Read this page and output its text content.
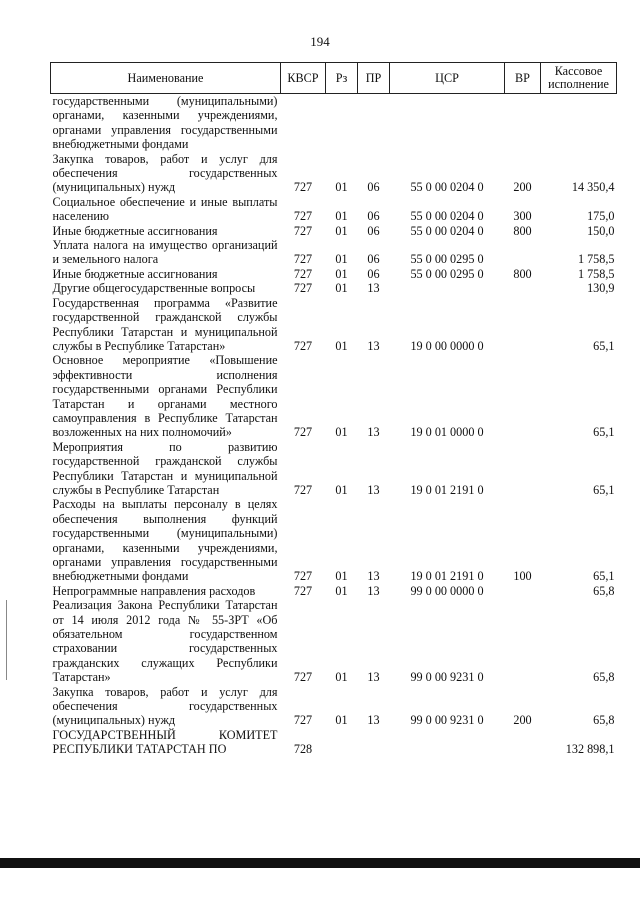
194
Наименование	КВСР	Рз	ПР	ЦСР	ВР	Кассовое исполнение
государственными (муниципальными) органами, казенными учреждениями, органами управления государственными внебюджетными фондами						
Закупка товаров, работ и услуг для обеспечения государственных (муниципальных) нужд	727	01	06	55 0 00 0204 0	200	14 350,4
Социальное обеспечение и иные выплаты населению	727	01	06	55 0 00 0204 0	300	175,0
Иные бюджетные ассигнования	727	01	06	55 0 00 0204 0	800	150,0
Уплата налога на имущество организаций и земельного налога	727	01	06	55 0 00 0295 0		1 758,5
Иные бюджетные ассигнования	727	01	06	55 0 00 0295 0	800	1 758,5
Другие общегосударственные вопросы	727	01	13			130,9
Государственная программа «Развитие государственной гражданской службы Республики Татарстан и муниципальной службы в Республике Татарстан»	727	01	13	19 0 00 0000 0		65,1
Основное мероприятие «Повышение эффективности исполнения государственными органами Республики Татарстан и органами местного самоуправления в Республике Татарстан возложенных на них полномочий»	727	01	13	19 0 01 0000 0		65,1
Мероприятия по развитию государственной гражданской службы Республики Татарстан и муниципальной службы в Республике Татарстан	727	01	13	19 0 01 2191 0		65,1
Расходы на выплаты персоналу в целях обеспечения выполнения функций государственными (муниципальными) органами, казенными учреждениями, органами управления государственными внебюджетными фондами	727	01	13	19 0 01 2191 0	100	65,1
Непрограммные направления расходов	727	01	13	99 0 00 0000 0		65,8
Реализация Закона Республики Татарстан от 14 июля 2012 года № 55-ЗРТ «Об обязательном государственном страховании государственных гражданских служащих Республики Татарстан»	727	01	13	99 0 00 9231 0		65,8
Закупка товаров, работ и услуг для обеспечения государственных (муниципальных) нужд	727	01	13	99 0 00 9231 0	200	65,8
ГОСУДАРСТВЕННЫЙ КОМИТЕТ РЕСПУБЛИКИ ТАТАРСТАН ПО	728					132 898,1
